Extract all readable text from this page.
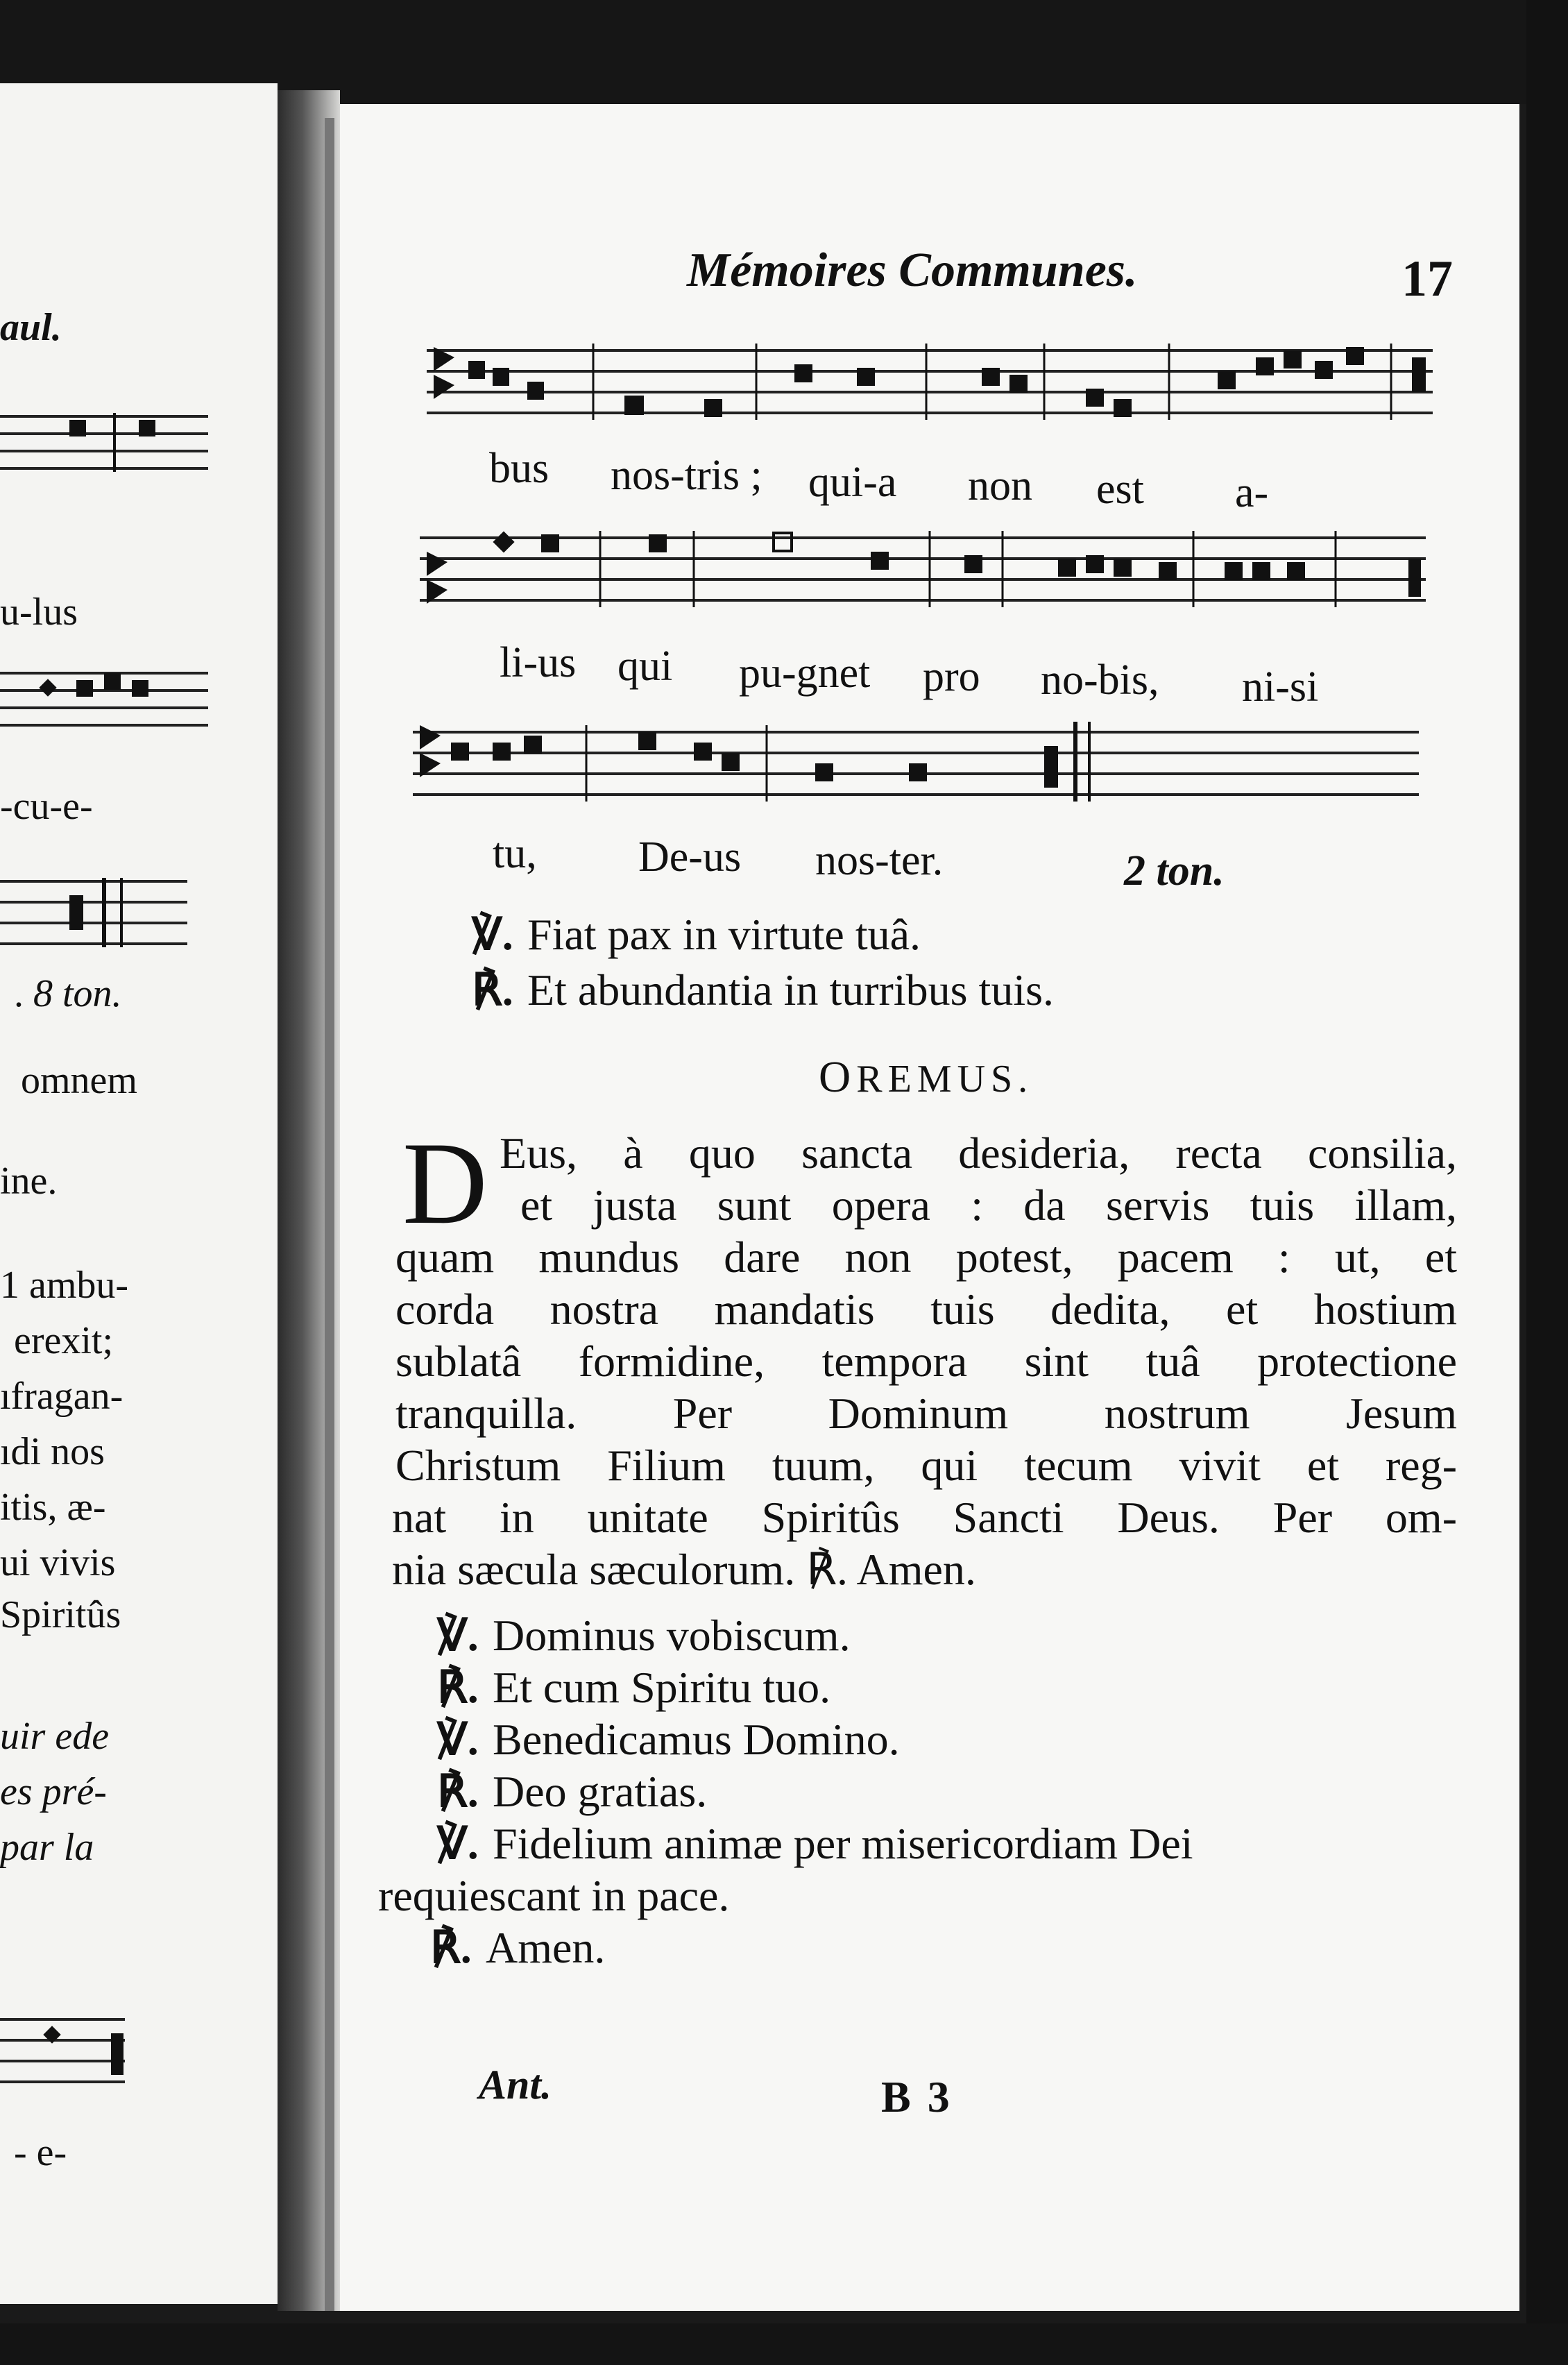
aul.
u-lus
-cu-e-
. 8 ton.
omnem
ine.
1 ambu-
erexit;
ıfragan-
ıdi nos
itis, æ-
ui vivis
Spiritûs
uir ede
es pré-
par la
- e-
Mémoires Communes.	17
bus nos-tris ; qui-a non est a-
li-us qui pu-gnet pro no-bis, ni-si
tu, De-us nos-ter.	2 ton.
℣. Fiat pax in virtute tuâ.
℟. Et abundantia in turribus tuis.
OREMUS.
D Eus, à quo sancta desideria, recta consilia,
et justa sunt opera : da servis tuis illam,
quam mundus dare non potest, pacem : ut, et
corda nostra mandatis tuis dedita, et hostium
sublatâ formidine, tempora sint tuâ protectione
tranquilla. Per Dominum nostrum Jesum
Christum Filium tuum, qui tecum vivit et reg-
nat in unitate Spiritûs Sancti Deus. Per om-
nia sæcula sæculorum. ℟. Amen.
℣. Dominus vobiscum.
℟. Et cum Spiritu tuo.
℣. Benedicamus Domino.
℟. Deo gratias.
℣. Fidelium animæ per misericordiam Dei
requiescant in pace.
℟. Amen.
Ant.	B 3
